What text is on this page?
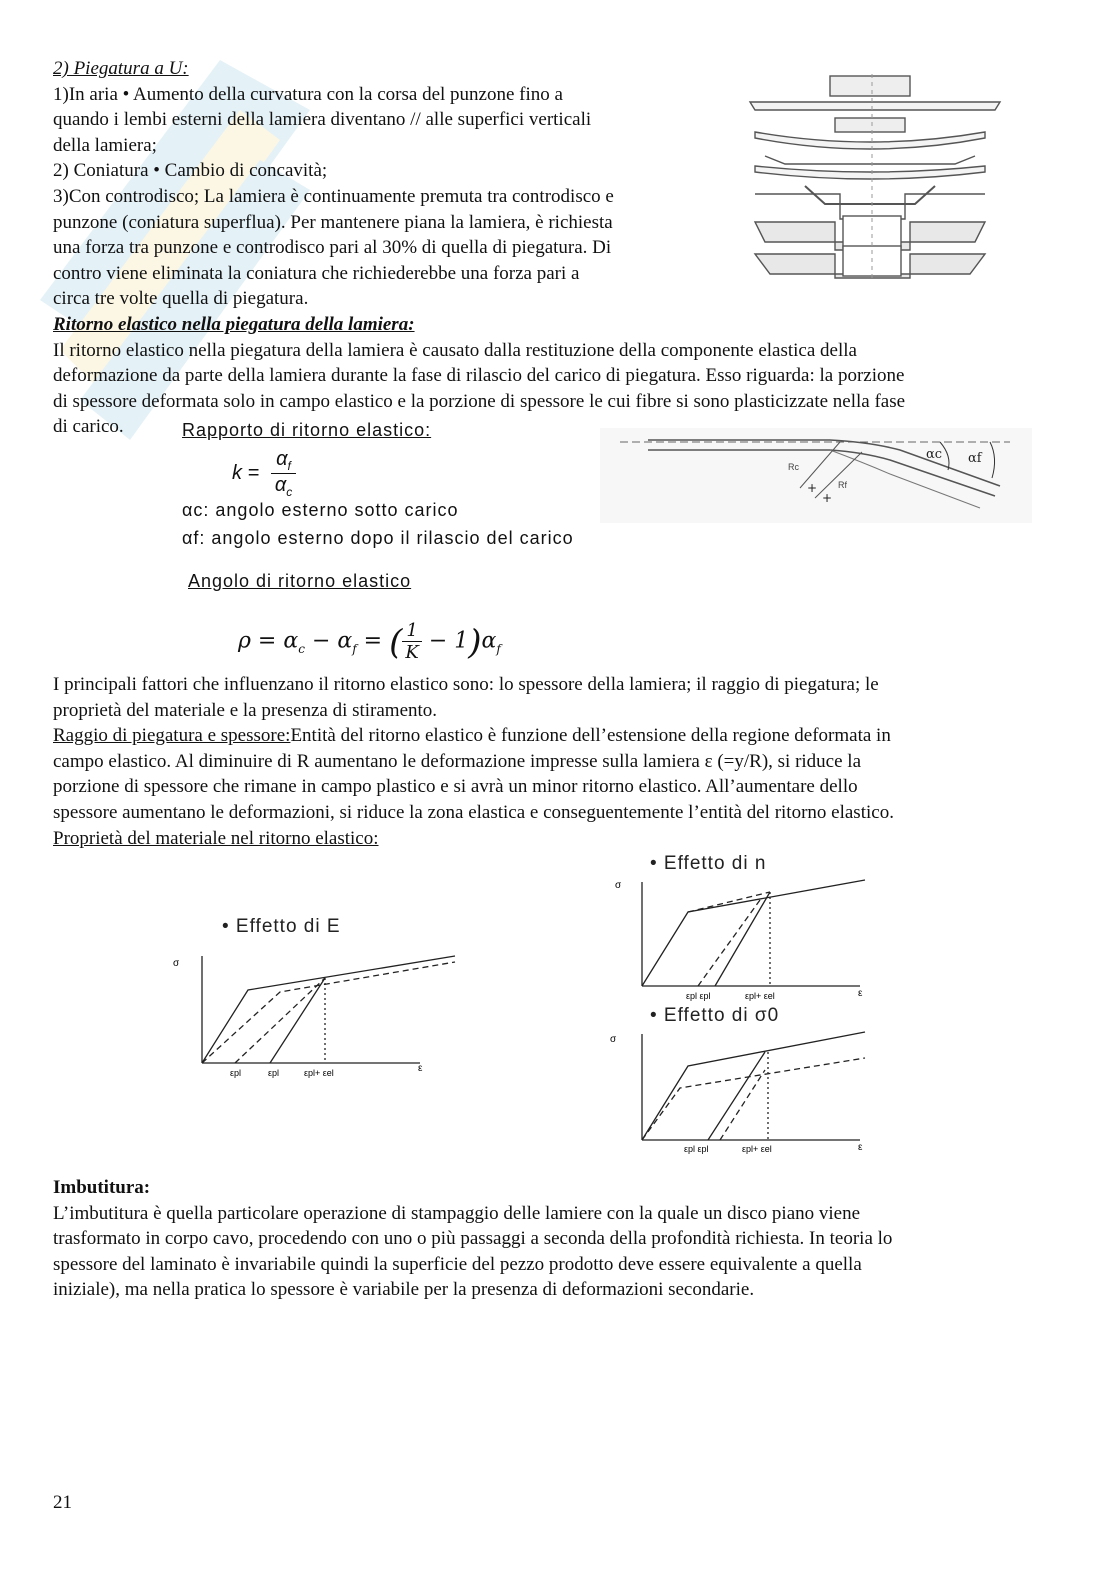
2) Piegatura a U:
1)In aria • Aumento della curvatura con la corsa del punzone fino a
quando i lembi esterni della lamiera diventano // alle superfici verticali
della lamiera;
2) Coniatura • Cambio di concavità;
3)Con controdisco; La lamiera è continuamente premuta tra controdisco e
punzone (coniatura superflua). Per mantenere piana la lamiera, è richiesta
una forza tra punzone e controdisco pari al 30% di quella di piegatura. Di
contro viene eliminata la coniatura che richiederebbe una forza pari a
circa tre volte quella di piegatura.
Ritorno elastico nella piegatura della lamiera:
Il ritorno elastico nella piegatura della lamiera è causato dalla restituzione della componente elastica della
deformazione da parte della lamiera durante la fase di rilascio del carico di piegatura. Esso riguarda: la porzione
di spessore deformata solo in campo elastico e la porzione di spessore le cui fibre si sono plasticizzate nella fase
di carico.	Rapporto di ritorno elastico:
$k = \frac{\alpha_f}{\alpha_c}$
αc: angolo esterno sotto carico
αf: angolo esterno dopo il rilascio del carico
Angolo di ritorno elastico
$\rho = \alpha_c - \alpha_f$ = ( $\frac{1}{K} - 1)\alpha_f$
Rc
Rf
αc αf
+
+
I principali fattori che influenzano il ritorno elastico sono: lo spessore della lamiera; il raggio di piegatura; le
proprietà del materiale e la presenza di stiramento.
Raggio di piegatura e spessore:Entità del ritorno elastico è funzione dell’estensione della regione deformata in
campo elastico. Al diminuire di R aumentano le deformazione impresse sulla lamiera ε (=y/R), si riduce la
porzione di spessore che rimane in campo plastico e si avrà un minor ritorno elastico. All’aumentare dello
spessore aumentano le deformazioni, si riduce la zona elastica e conseguentemente l’entità del ritorno elastico.
Proprietà del materiale nel ritorno elastico:
• Effetto di E
σ
ε
εpl	εpl	εpl+ εel
• Effetto di n
σ
ε
εpl εpl	εpl+ εel
• Effetto di σ0
σ
ε
εpl εpl	εpl+ εel
Imbutitura:
L’imbutitura è quella particolare operazione di stampaggio delle lamiere con la quale un disco piano viene
trasformato in corpo cavo, procedendo con uno o più passaggi a seconda della profondità richiesta. In teoria lo
spessore del laminato è invariabile quindi la superficie del pezzo prodotto deve essere equivalente a quella
iniziale), ma nella pratica lo spessore è variabile per la presenza di deformazioni secondarie.
21
